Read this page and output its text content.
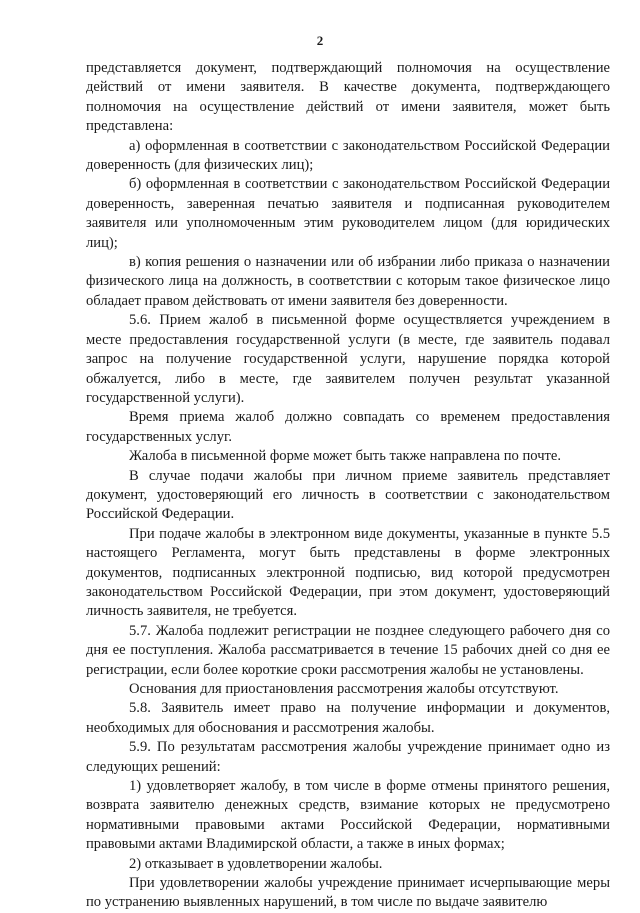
2

представляется документ, подтверждающий полномочия на осуществление действий от имени заявителя. В качестве документа, подтверждающего полномочия на осуществление действий от имени заявителя, может быть представлена:

а) оформленная в соответствии с законодательством Российской Федерации доверенность (для физических лиц);

б) оформленная в соответствии с законодательством Российской Федерации доверенность, заверенная печатью заявителя и подписанная руководителем заявителя или уполномоченным этим руководителем лицом (для юридических лиц);

в) копия решения о назначении или об избрании либо приказа о назначении физического лица на должность, в соответствии с которым такое физическое лицо обладает правом действовать от имени заявителя без доверенности.

5.6. Прием жалоб в письменной форме осуществляется учреждением в месте предоставления государственной услуги (в месте, где заявитель подавал запрос на получение государственной услуги, нарушение порядка которой обжалуется, либо в месте, где заявителем получен результат указанной государственной услуги).

Время приема жалоб должно совпадать со временем предоставления государственных услуг.

Жалоба в письменной форме может быть также направлена по почте.

В случае подачи жалобы при личном приеме заявитель представляет документ, удостоверяющий его личность в соответствии с законодательством Российской Федерации.

При подаче жалобы в электронном виде документы, указанные в пункте 5.5 настоящего Регламента, могут быть представлены в форме электронных документов, подписанных электронной подписью, вид которой предусмотрен законодательством Российской Федерации, при этом документ, удостоверяющий личность заявителя, не требуется.

5.7. Жалоба подлежит регистрации не позднее следующего рабочего дня со дня ее поступления. Жалоба рассматривается в течение 15 рабочих дней со дня ее регистрации, если более короткие сроки рассмотрения жалобы не установлены.

Основания для приостановления рассмотрения жалобы отсутствуют.

5.8. Заявитель имеет право на получение информации и документов, необходимых для обоснования и рассмотрения жалобы.

5.9. По результатам рассмотрения жалобы учреждение принимает одно из следующих решений:

1) удовлетворяет жалобу, в том числе в форме отмены принятого решения, возврата заявителю денежных средств, взимание которых не предусмотрено нормативными правовыми актами Российской Федерации, нормативными правовыми актами Владимирской области, а также в иных формах;

2) отказывает в удовлетворении жалобы.

При удовлетворении жалобы учреждение принимает исчерпывающие меры по устранению выявленных нарушений, в том числе по выдаче заявителю
